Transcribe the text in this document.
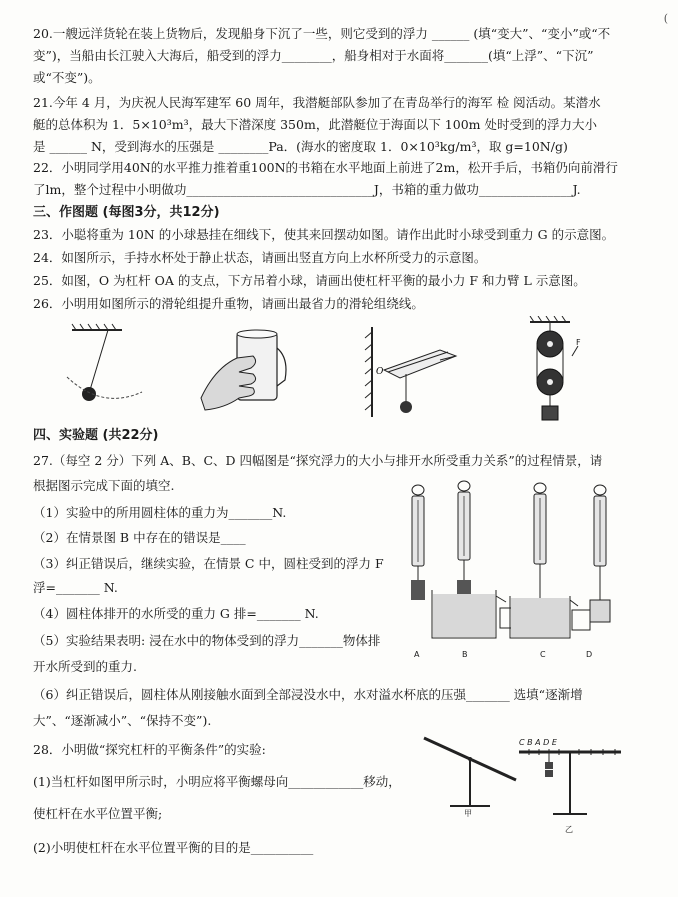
(
20.一艘远洋货轮在装上货物后，发现船身下沉了一些，则它受到的浮力 ______ (填“变大”、“变小”或“不
变”)，当船由长江驶入大海后，船受到的浮力________，船身相对于水面将_______(填“上浮”、“下沉”
或“不变”)。
21.今年 4 月，为庆祝人民海军建军 60 周年，我潜艇部队参加了在青岛举行的海军 检 阅活动。某潜水
艇的总体积为 1．5×10³m³，最大下潜深度 350m，此潜艇位于海面以下 100m 处时受到的浮力大小
是 ______ N，受到海水的压强是 ________Pa．(海水的密度取 1．0×10³kg/m³，取 g=10N/g)
22．小明同学用40N的水平推力推着重100N的书箱在水平地面上前进了2m，松开手后，书箱仍向前滑行
了lm，整个过程中小明做功______________________________J，书箱的重力做功_______________J.
三、作图题 (每图3分，共12分)
23．小聪将重为 10N 的小球悬挂在细线下，使其来回摆动如图。请作出此时小球受到重力 G 的示意图。
24．如图所示，手持水杯处于静止状态，请画出竖直方向上水杯所受力的示意图。
25．如图，O 为杠杆 OA 的支点，下方吊着小球，请画出使杠杆平衡的最小力 F 和力臂 L 示意图。
26．小明用如图所示的滑轮组提升重物，请画出最省力的滑轮组绕线。
O
F
四、实验题 (共22分)
27.（每空 2 分）下列 A、B、C、D 四幅图是“探究浮力的大小与排开水所受重力关系”的过程情景，请
根据图示完成下面的填空.
（1）实验中的所用圆柱体的重力为_______N.
（2）在情景图 B 中存在的错误是____
（3）纠正错误后，继续实验，在情景 C 中，圆柱受到的浮力 F
浮=_______ N.
（4）圆柱体排开的水所受的重力 G 排=_______ N.
（5）实验结果表明: 浸在水中的物体受到的浮力_______物体排
开水所受到的重力.
（6）纠正错误后，圆柱体从刚接触水面到全部浸没水中，水对溢水杯底的压强_______ 选填“逐渐增
大”、“逐渐减小”、“保持不变”).
A	B	C	D
28．小明做“探究杠杆的平衡条件”的实验:
(1)当杠杆如图甲所示时，小明应将平衡螺母向____________移动，
使杠杆在水平位置平衡;
(2)小明使杠杆在水平位置平衡的目的是__________
甲
C B A D E
乙
